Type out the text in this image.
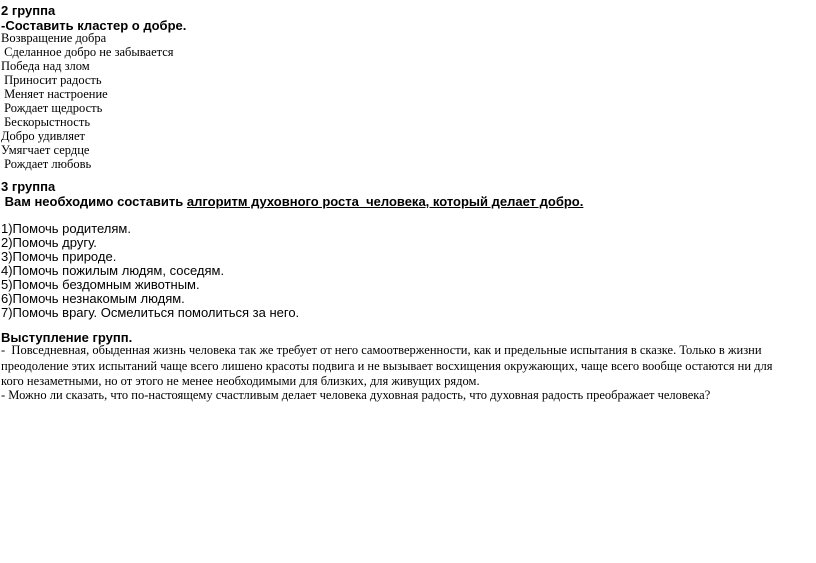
2 группа
-Составить кластер о добре.
Возвращение добра
Сделанное добро не забывается
Победа над злом
Приносит радость
Меняет настроение
Рождает щедрость
Бескорыстность
Добро удивляет
Умягчает сердце
Рождает любовь
3 группа
Вам необходимо составить алгоритм духовного роста  человека, который делает добро.
1)Помочь родителям.
2)Помочь другу.
3)Помочь природе.
4)Помочь пожилым людям, соседям.
5)Помочь бездомным животным.
6)Помочь незнакомым людям.
7)Помочь врагу. Осмелиться помолиться за него.
Выступление групп.
-  Повседневная, обыденная жизнь человека так же требует от него самоотверженности, как и предельные испытания в сказке. Только в жизни
преодоление этих испытаний чаще всего лишено красоты подвига и не вызывает восхищения окружающих, чаще всего вообще остаются ни для
кого незаметными, но от этого не менее необходимыми для близких, для живущих рядом.
- Можно ли сказать, что по-настоящему счастливым делает человека духовная радость, что духовная радость преображает человека?
